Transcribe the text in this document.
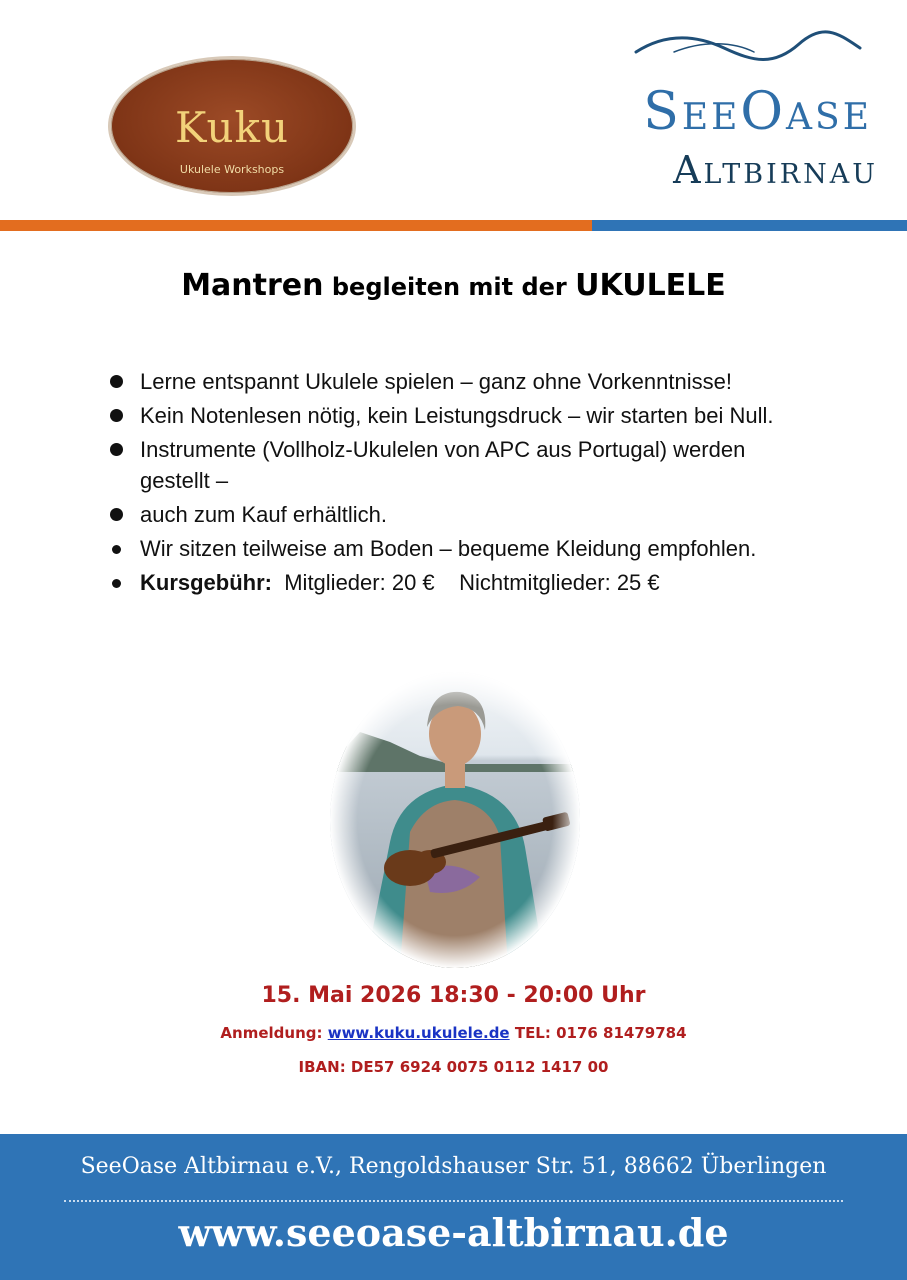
Kuku
Ukulele Workshops
SeeOase
Altbirnau
Mantren begleiten mit der UKULELE
Lerne entspannt Ukulele spielen – ganz ohne Vorkenntnisse!
Kein Notenlesen nötig, kein Leistungsdruck – wir starten bei Null.
Instrumente (Vollholz-Ukulelen von APC aus Portugal) werden gestellt –
auch zum Kauf erhältlich.
Wir sitzen teilweise am Boden – bequeme Kleidung empfohlen.
Kursgebühr: Mitglieder: 20 € Nichtmitglieder: 25 €
15. Mai 2026 18:30 - 20:00 Uhr
Anmeldung: www.kuku.ukulele.de TEL: 0176 81479784
IBAN: DE57 6924 0075 0112 1417 00
SeeOase Altbirnau e.V., Rengoldshauser Str. 51, 88662 Überlingen
www.seeoase-altbirnau.de
